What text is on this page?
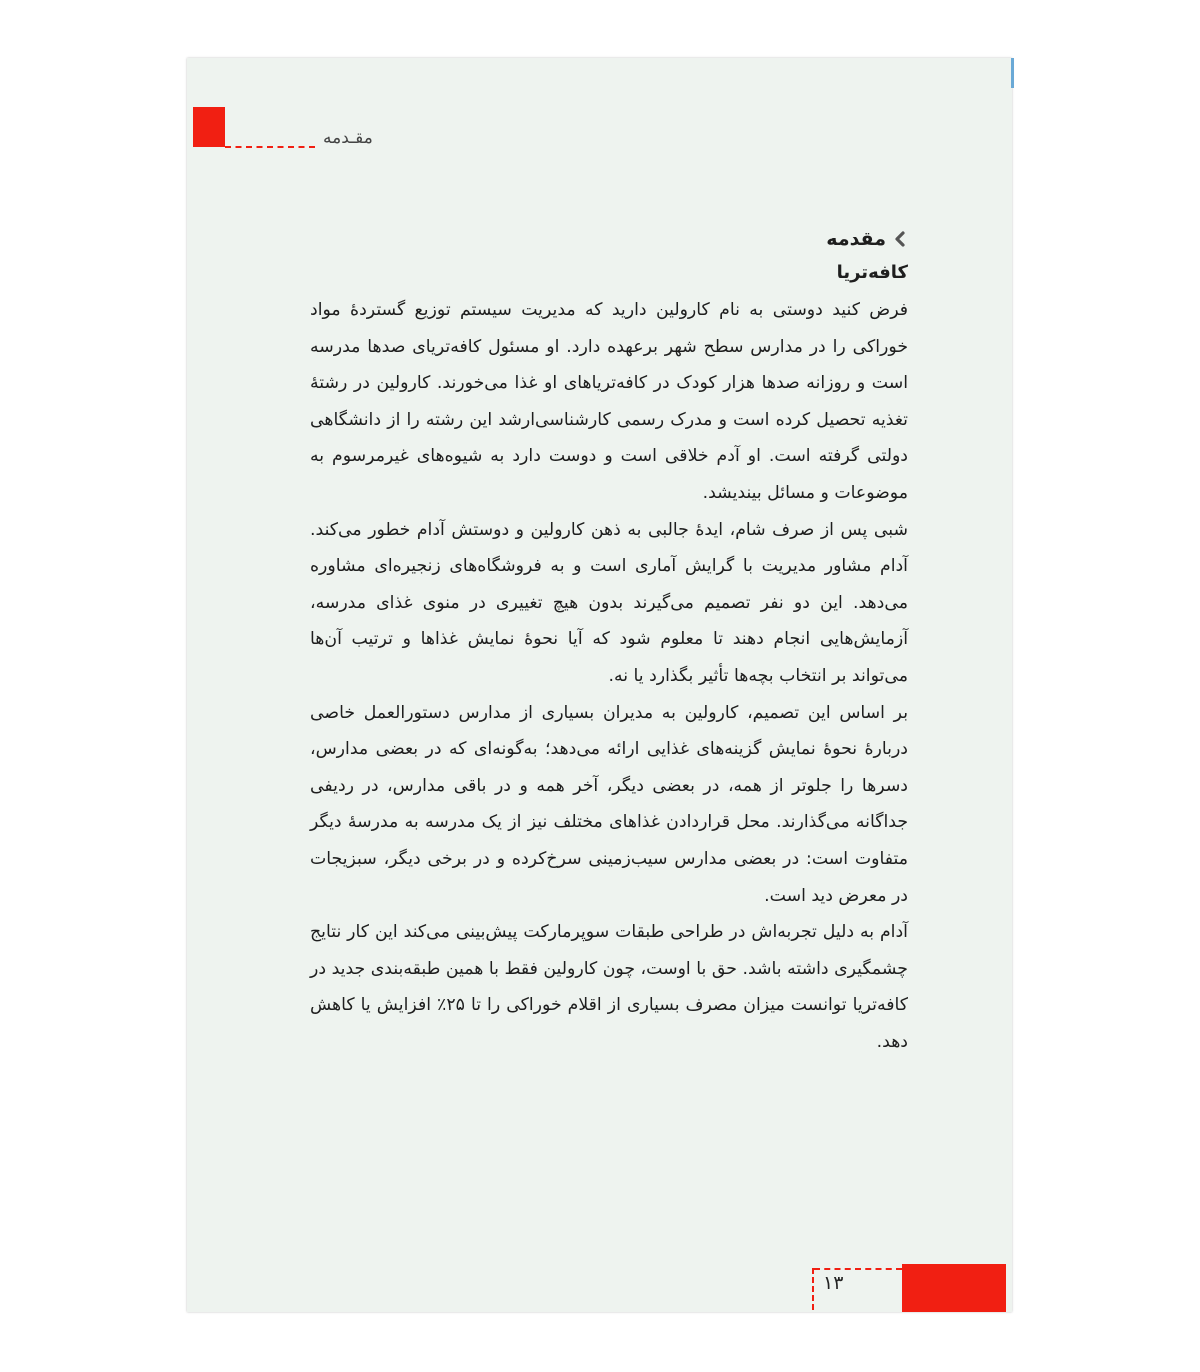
مقـدمه
مقدمه
کافه‌تریا

فرض کنید دوستی به نام کارولین دارید که مدیریت سیستم توزیع گستردهٔ مواد خوراکی را در مدارس سطح شهر برعهده دارد. او مسئول کافه‌تریای صدها مدرسه است و روزانه صدها هزار کودک در کافه‌تریاهای او غذا می‌خورند. کارولین در رشتهٔ تغذیه تحصیل کرده است و مدرک رسمی کارشناسی‌ارشد این رشته را از دانشگاهی دولتی گرفته است. او آدم خلاقی است و دوست دارد به شیوه‌های غیرمرسوم به موضوعات و مسائل بیندیشد.

شبی پس از صرف شام، ایدهٔ جالبی به ذهن کارولین و دوستش آدام خطور می‌کند. آدام مشاور مدیریت با گرایش آماری است و به فروشگاه‌های زنجیره‌ای مشاوره می‌دهد. این دو نفر تصمیم می‌گیرند بدون هیچ تغییری در منوی غذای مدرسه، آزمایش‌هایی انجام دهند تا معلوم شود که آیا نحوهٔ نمایش غذاها و ترتیب آن‌ها می‌تواند بر انتخاب بچه‌ها تأثیر بگذارد یا نه.

بر اساس این تصمیم، کارولین به مدیران بسیاری از مدارس دستورالعمل خاصی دربارهٔ نحوهٔ نمایش گزینه‌های غذایی ارائه می‌دهد؛ به‌گونه‌ای که در بعضی مدارس، دسرها را جلوتر از همه، در بعضی دیگر، آخر همه و در باقی مدارس، در ردیفی جداگانه می‌گذارند. محل قراردادن غذاهای مختلف نیز از یک مدرسه به مدرسهٔ دیگر متفاوت است: در بعضی مدارس سیب‌زمینی سرخ‌کرده و در برخی دیگر، سبزیجات در معرض دید است.

آدام به دلیل تجربه‌اش در طراحی طبقات سوپرمارکت پیش‌بینی می‌کند این کار نتایج چشمگیری داشته باشد. حق با اوست، چون کارولین فقط با همین طبقه‌بندی جدید در کافه‌تریا توانست میزان مصرف بسیاری از اقلام خوراکی را تا ۲۵٪ افزایش یا کاهش دهد.

۱۳
